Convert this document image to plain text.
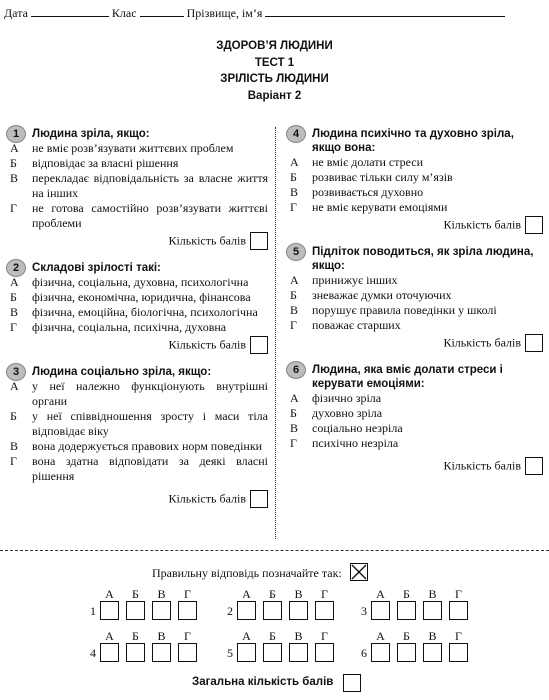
Дата	Клас	Прізвище, ім’я
ЗДОРОВ’Я ЛЮДИНИ
ТЕСТ 1
ЗРІЛІСТЬ ЛЮДИНИ
Варіант 2
1	Людина зріла, якщо:
А не вміє розв’язувати життєвих проблем
Б відповідає за власні рішення
В перекладає відповідальність за власне життя на інших
Г не готова самостійно розв’язувати життєві проблеми
Кількість балів
2	Складові зрілості такі:
А фізична, соціальна, духовна, психологічна
Б фізична, економічна, юридична, фінансова
В фізична, емоційна, біологічна, психологічна
Г фізична, соціальна, психічна, духовна
Кількість балів
3	Людина соціально зріла, якщо:
А у неї належно функціонують внутрішні органи
Б у неї співвідношення зросту і маси тіла відповідає віку
В вона додержується правових норм поведінки
Г вона здатна відповідати за деякі власні рішення
Кількість балів
4	Людина психічно та духовно зріла, якщо вона:
А не вміє долати стреси
Б розвиває тільки силу м’язів
В розвивається духовно
Г не вміє керувати емоціями
Кількість балів
5	Підліток поводиться, як зріла людина, якщо:
А принижує інших
Б зневажає думки оточуючих
В порушує правила поведінки у школі
Г поважає старших
Кількість балів
6	Людина, яка вміє долати стреси і керувати емоціями:
А фізично зріла
Б духовно зріла
В соціально незріла
Г психічно незріла
Кількість балів
Правильну відповідь позначайте так:
1
А	Б	В	Г
2
А	Б	В	Г
3
А	Б	В	Г
4
А	Б	В	Г
5
А	Б	В	Г
6
А	Б	В	Г
Загальна кількість балів
